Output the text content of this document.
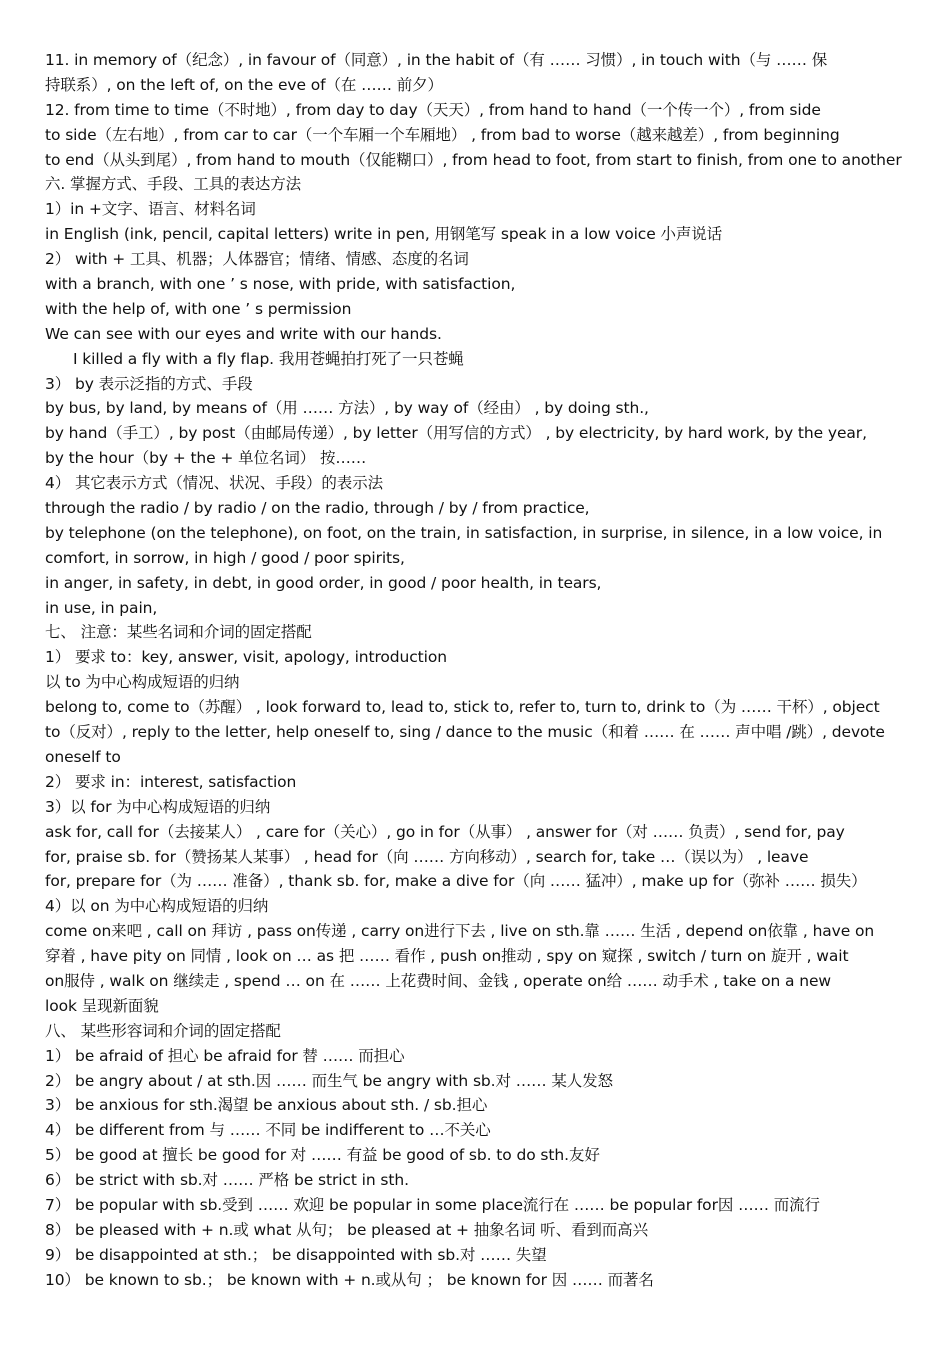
11. in memory of（纪念）, in favour of（同意）, in the habit of（有 …… 习惯）, in touch with（与 …… 保
持联系）, on the left of, on the eve of（在 …… 前夕）
12. from time to time（不时地）, from day to day（天天）, from hand to hand（一个传一个）, from side
to side（左右地）, from car to car（一个车厢一个车厢地） , from bad to worse（越来越差）, from beginning
to end（从头到尾）, from hand to mouth（仅能糊口）, from head to foot, from start to finish, from one to another
六. 掌握方式、手段、工具的表达方法
1）in +文字、语言、材料名词
in English (ink, pencil, capital letters) write in pen, 用钢笔写 speak in a low voice 小声说话
2） with + 工具、机器；人体器官；情绪、情感、态度的名词
with a branch, with one ’ s nose, with pride, with satisfaction,
with the help of, with one ’ s permission
We can see with our eyes and write with our hands.
I killed a fly with a fly flap. 我用苍蝇拍打死了一只苍蝇
3） by 表示泛指的方式、手段
by bus, by land, by means of（用 …… 方法）, by way of（经由） , by doing sth.,
by hand（手工）, by post（由邮局传递）, by letter（用写信的方式） , by electricity, by hard work, by the year,
by the hour（by + the + 单位名词） 按……
4） 其它表示方式（情况、状况、手段）的表示法
through the radio / by radio / on the radio, through / by / from practice,
by telephone (on the telephone), on foot, on the train, in satisfaction, in surprise, in silence, in a low voice, in
comfort, in sorrow, in high / good / poor spirits,
in anger, in safety, in debt, in good order, in good / poor health, in tears,
in use, in pain,
七、 注意：某些名词和介词的固定搭配
1） 要求 to：key, answer, visit, apology, introduction
以 to 为中心构成短语的归纳
belong to, come to（苏醒） , look forward to, lead to, stick to, refer to, turn to, drink to（为 …… 干杯）, object
to（反对）, reply to the letter, help oneself to, sing / dance to the music（和着 …… 在 …… 声中唱 /跳）, devote
oneself to
2） 要求 in：interest, satisfaction
3）以 for 为中心构成短语的归纳
ask for, call for（去接某人） , care for（关心）, go in for（从事） , answer for（对 …… 负责）, send for, pay
for, praise sb. for（赞扬某人某事） , head for（向 …… 方向移动）, search for, take …（误以为） , leave
for, prepare for（为 …… 准备）, thank sb. for, make a dive for（向 …… 猛冲）, make up for（弥补 …… 损失）
4）以 on 为中心构成短语的归纳
come on来吧 , call on 拜访 , pass on传递 , carry on进行下去 , live on sth.靠 …… 生活 , depend on依靠 , have on
穿着 , have pity on 同情 , look on … as 把 …… 看作 , push on推动 , spy on 窥探 , switch / turn on 旋开 , wait
on服侍 , walk on 继续走 , spend … on 在 …… 上花费时间、金钱 , operate on给 …… 动手术 , take on a new
look 呈现新面貌
八、 某些形容词和介词的固定搭配
1） be afraid of 担心 be afraid for 替 …… 而担心
2） be angry about / at sth.因 …… 而生气 be angry with sb.对 …… 某人发怒
3） be anxious for sth.渴望 be anxious about sth. / sb.担心
4） be different from 与 …… 不同 be indifferent to …不关心
5） be good at 擅长 be good for 对 …… 有益 be good of sb. to do sth.友好
6） be strict with sb.对 …… 严格 be strict in sth.
7） be popular with sb.受到 …… 欢迎 be popular in some place流行在 …… be popular for因 …… 而流行
8） be pleased with + n.或 what 从句； be pleased at + 抽象名词 听、看到而高兴
9） be disappointed at sth.； be disappointed with sb.对 …… 失望
10） be known to sb.； be known with + n.或从句 ； be known for 因 …… 而著名
